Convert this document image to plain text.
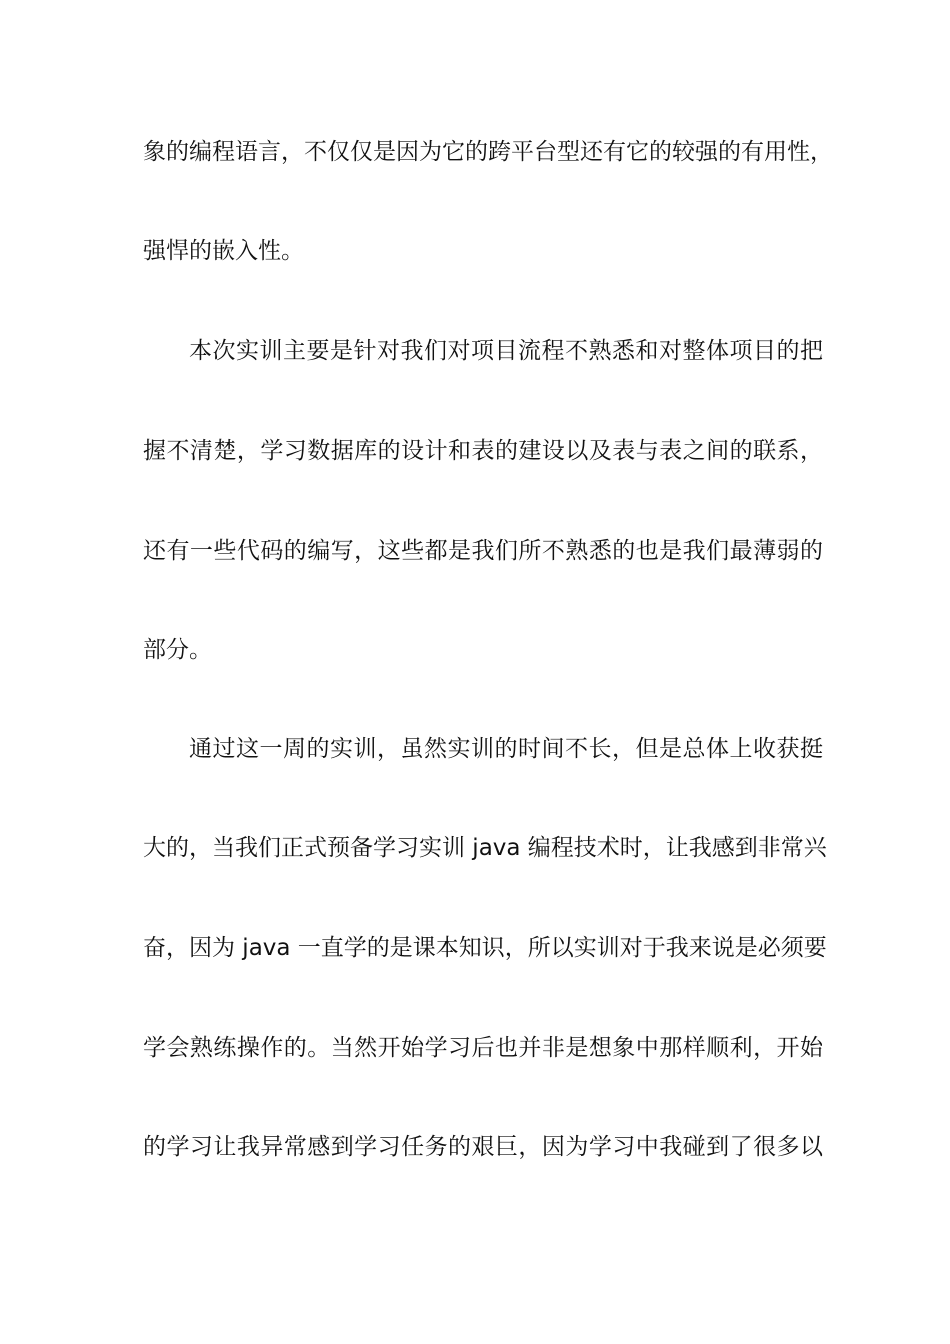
象的编程语言，不仅仅是因为它的跨平台型还有它的较强的有用性，
强悍的嵌入性。
本次实训主要是针对我们对项目流程不熟悉和对整体项目的把
握不清楚，学习数据库的设计和表的建设以及表与表之间的联系，
还有一些代码的编写，这些都是我们所不熟悉的也是我们最薄弱的
部分。
通过这一周的实训，虽然实训的时间不长，但是总体上收获挺
大的，当我们正式预备学习实训 java 编程技术时，让我感到非常兴
奋，因为 java 一直学的是课本知识，所以实训对于我来说是必须要
学会熟练操作的。当然开始学习后也并非是想象中那样顺利，开始
的学习让我异常感到学习任务的艰巨，因为学习中我碰到了很多以
